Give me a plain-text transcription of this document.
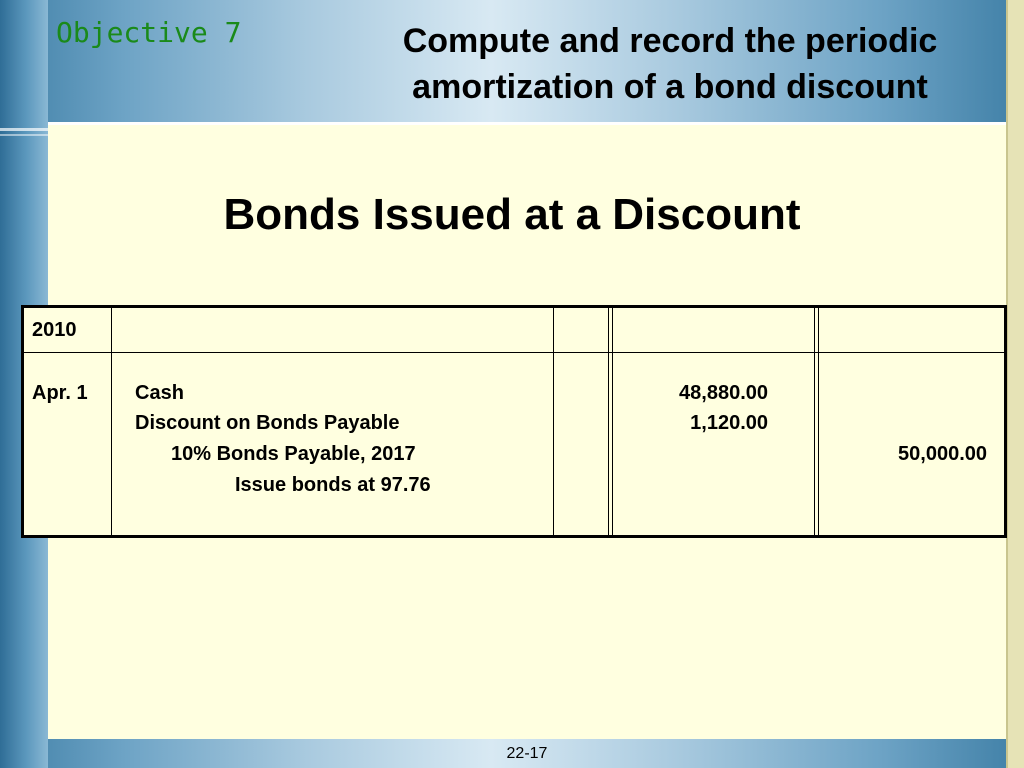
Objective 7	Compute and record the periodic
amortization of a bond discount
Bonds Issued at a Discount
2010
Apr. 1 Cash
Discount on Bonds Payable
10% Bonds Payable, 2017
Issue bonds at 97.76
48,880.00
1,120.00
50,000.00
22-17
